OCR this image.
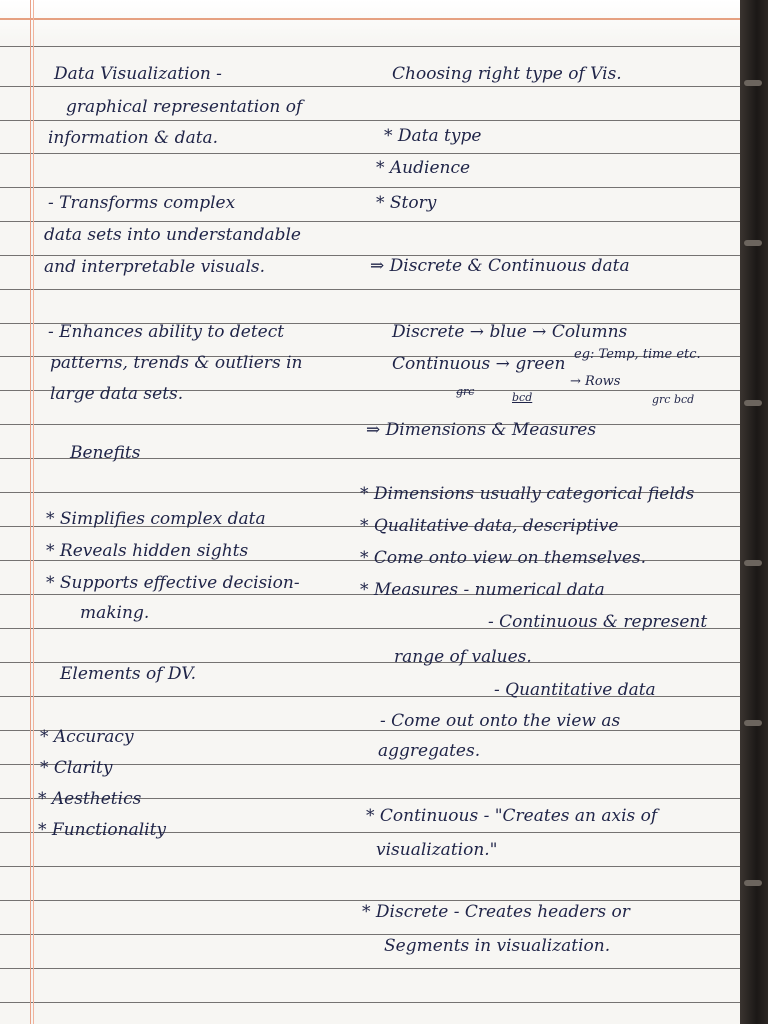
Data Visualization -
graphical representation of
information & data.
- Transforms complex
data sets into understandable
and interpretable visuals.
- Enhances ability to detect
patterns, trends & outliers in
large data sets.
Benefits
* Simplifies complex data
* Reveals hidden sights
* Supports effective decision-
making.
Elements of DV.
* Accuracy
* Clarity
* Aesthetics
* Functionality
Choosing right type of Vis.
* Data type
* Audience
* Story
⇒ Discrete & Continuous data
Discrete → blue → Columns
Continuous → green eg: Temp, time etc.
→ Rows
g̶r̶c̶	bcd	grc bcd
⇒ Dimensions & Measures
* Dimensions usually categorical fields
* Qualitative data, descriptive
* Come onto view on themselves.
* Measures - numerical data
- Continuous & represent
range of values.
- Quantitative data
- Come out onto the view as
aggregates.
* Continuous - "Creates an axis of
visualization."
* Discrete - Creates headers or
Segments in visualization.
